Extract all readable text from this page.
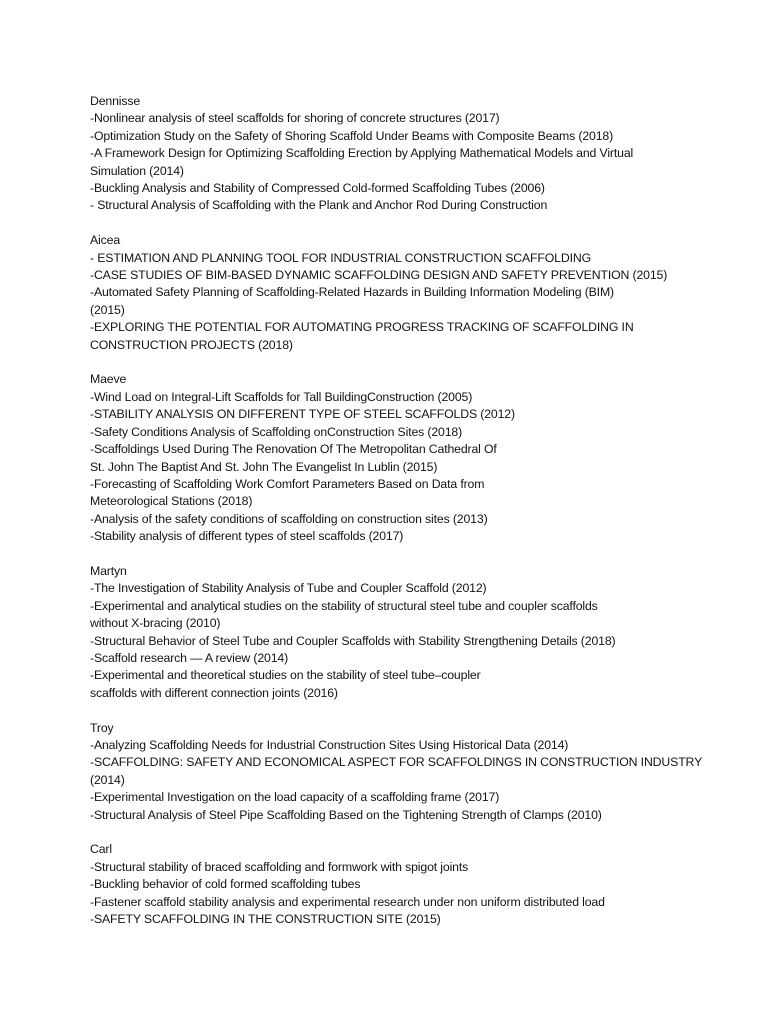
Dennisse
-Nonlinear analysis of steel scaffolds for shoring of concrete structures (2017)
-Optimization Study on the Safety of Shoring Scaffold Under Beams with Composite Beams (2018)
-A Framework Design for Optimizing Scaffolding Erection by Applying Mathematical Models and Virtual
Simulation (2014)
-Buckling Analysis and Stability of Compressed Cold-formed Scaffolding Tubes (2006)
- Structural Analysis of Scaffolding with the Plank and Anchor Rod During Construction
Aicea
- ESTIMATION AND PLANNING TOOL FOR INDUSTRIAL CONSTRUCTION SCAFFOLDING
-CASE STUDIES OF BIM-BASED DYNAMIC SCAFFOLDING DESIGN AND SAFETY PREVENTION (2015)
-Automated Safety Planning of Scaffolding-Related Hazards in Building Information Modeling (BIM)
(2015)
-EXPLORING THE POTENTIAL FOR AUTOMATING PROGRESS TRACKING OF SCAFFOLDING IN
CONSTRUCTION PROJECTS (2018)
Maeve
-Wind Load on Integral-Lift Scaffolds for Tall BuildingConstruction (2005)
-STABILITY ANALYSIS ON DIFFERENT TYPE OF STEEL SCAFFOLDS (2012)
-Safety Conditions Analysis of Scaffolding onConstruction Sites (2018)
-Scaffoldings Used During The Renovation Of The Metropolitan Cathedral Of
St. John The Baptist And St. John The Evangelist In Lublin (2015)
-Forecasting of Scaffolding Work Comfort Parameters Based on Data from
Meteorological Stations (2018)
-Analysis of the safety conditions of scaffolding on construction sites (2013)
-Stability analysis of different types of steel scaffolds (2017)
Martyn
-The Investigation of Stability Analysis of Tube and Coupler Scaffold (2012)
-Experimental and analytical studies on the stability of structural steel tube and coupler scaffolds
without X-bracing (2010)
-Structural Behavior of Steel Tube and Coupler Scaffolds with Stability Strengthening Details (2018)
-Scaffold research — A review (2014)
-Experimental and theoretical studies on the stability of steel tube–coupler
scaffolds with different connection joints (2016)
Troy
-Analyzing Scaffolding Needs for Industrial Construction Sites Using Historical Data (2014)
-SCAFFOLDING: SAFETY AND ECONOMICAL ASPECT FOR SCAFFOLDINGS IN CONSTRUCTION INDUSTRY
(2014)
-Experimental Investigation on the load capacity of a scaffolding frame (2017)
-Structural Analysis of Steel Pipe Scaffolding Based on the Tightening Strength of Clamps (2010)
Carl
-Structural stability of braced scaffolding and formwork with spigot joints
-Buckling behavior of cold formed scaffolding tubes
-Fastener scaffold stability analysis and experimental research under non uniform distributed load
-SAFETY SCAFFOLDING IN THE CONSTRUCTION SITE (2015)
